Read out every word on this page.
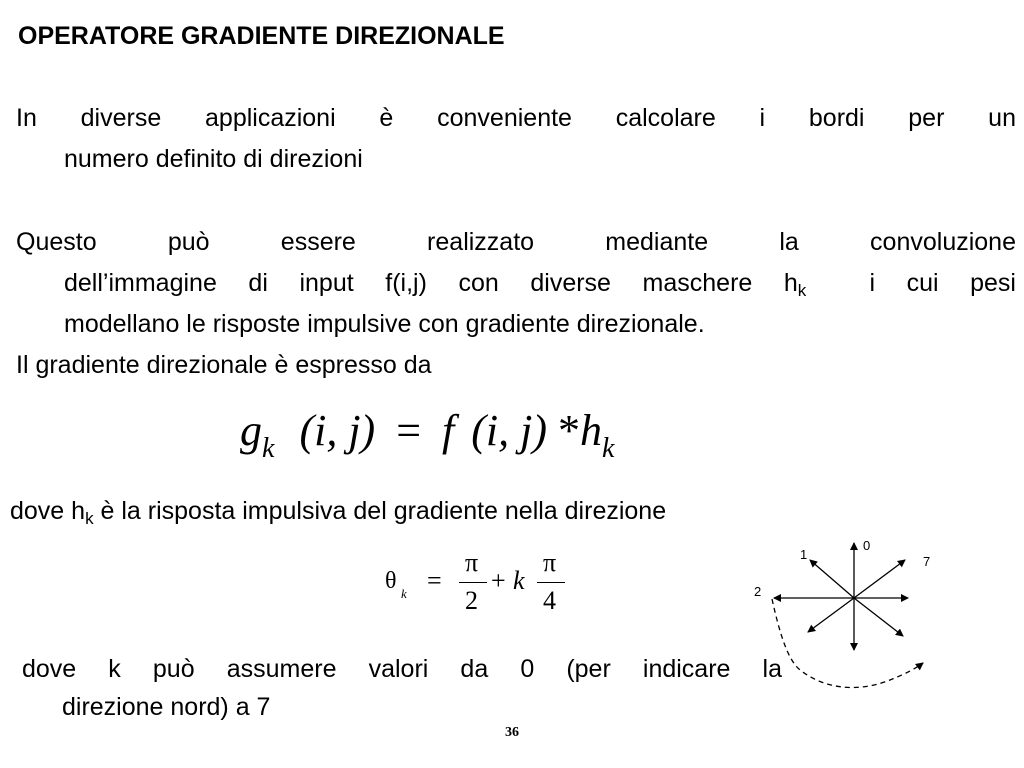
OPERATORE GRADIENTE DIREZIONALE
In diverse applicazioni è conveniente calcolare i bordi per un
numero definito di direzioni
Questo può essere realizzato mediante la convoluzione
dell’immagine di input f(i,j) con diverse maschere $h_k$  i cui pesi
modellano le risposte impulsive con gradiente direzionale.
Il gradiente direzionale è espresso da
$g_k$ (i, j) = f (i, j) $*h_k$
dove $h_k$ è la risposta impulsiva del gradiente nella direzione
θ k =
π
2
+ k
π
4
0
1	7
2
dove k può assumere valori da 0 (per indicare la
direzione nord) a 7
36
